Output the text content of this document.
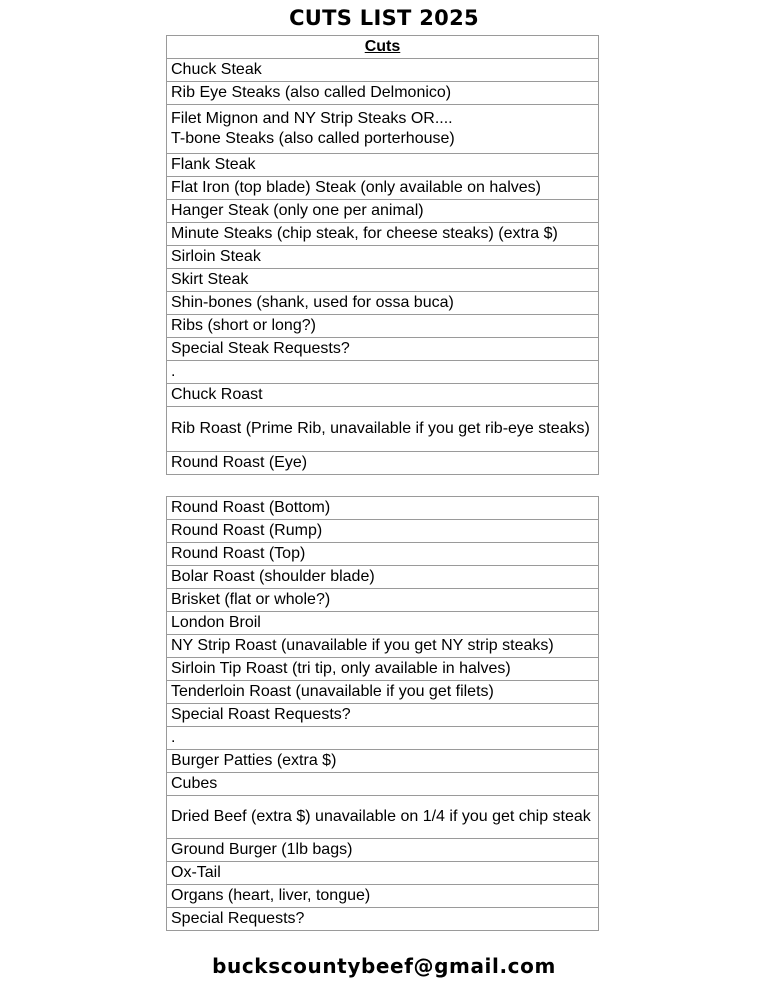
CUTS LIST 2025
Cuts
Chuck Steak
Rib Eye Steaks (also called Delmonico)
Filet Mignon and NY Strip Steaks OR....
T-bone Steaks (also called porterhouse)
Flank Steak
Flat Iron (top blade) Steak (only available on halves)
Hanger Steak (only one per animal)
Minute Steaks (chip steak, for cheese steaks) (extra $)
Sirloin Steak
Skirt Steak
Shin-bones (shank, used for ossa buca)
Ribs (short or long?)
Special Steak Requests?
.
Chuck Roast
Rib Roast (Prime Rib, unavailable if you get rib-eye steaks)
Round Roast (Eye)
Round Roast (Bottom)
Round Roast (Rump)
Round Roast (Top)
Bolar Roast (shoulder blade)
Brisket (flat or whole?)
London Broil
NY Strip Roast (unavailable if you get NY strip steaks)
Sirloin Tip Roast (tri tip, only available in halves)
Tenderloin Roast (unavailable if you get filets)
Special Roast Requests?
.
Burger Patties (extra $)
Cubes
Dried Beef (extra $) unavailable on 1/4 if you get chip steak
Ground Burger (1lb bags)
Ox-Tail
Organs (heart, liver, tongue)
Special Requests?
buckscountybeef@gmail.com
